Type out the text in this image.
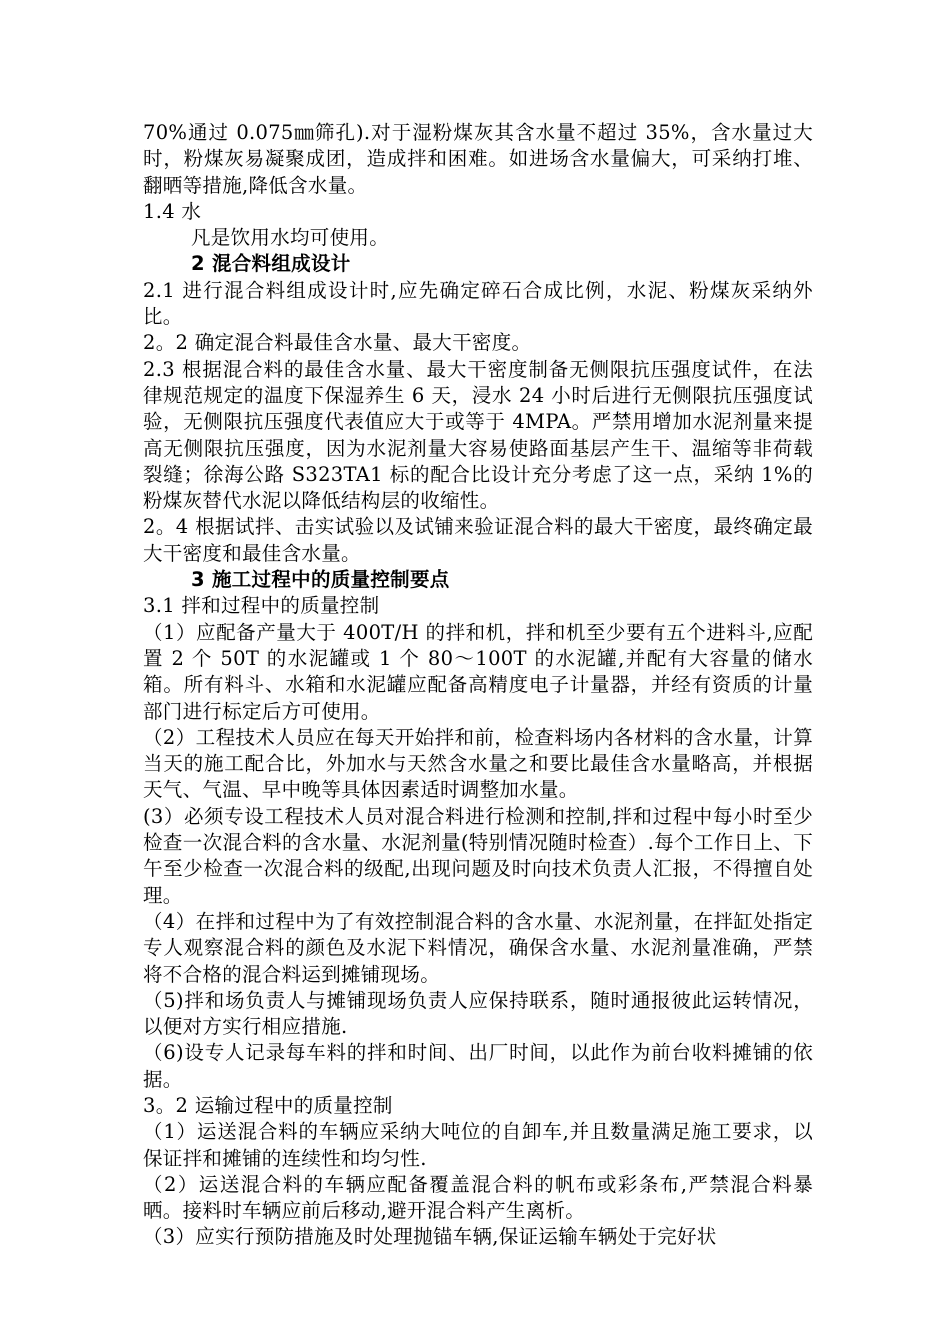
70%通过 0.075㎜筛孔).对于湿粉煤灰其含水量不超过 35%，含水量过大时，粉煤灰易凝聚成团，造成拌和困难。如进场含水量偏大，可采纳打堆、翻晒等措施,降低含水量。

1.4 水

凡是饮用水均可使用。

2 混合料组成设计

2.1 进行混合料组成设计时,应先确定碎石合成比例，水泥、粉煤灰采纳外比。

2。2 确定混合料最佳含水量、最大干密度。

2.3 根据混合料的最佳含水量、最大干密度制备无侧限抗压强度试件，在法律规范规定的温度下保湿养生 6 天，浸水 24 小时后进行无侧限抗压强度试验，无侧限抗压强度代表值应大于或等于 4MPA。严禁用增加水泥剂量来提高无侧限抗压强度，因为水泥剂量大容易使路面基层产生干、温缩等非荷载裂缝；徐海公路 S323TA1 标的配合比设计充分考虑了这一点，采纳 1%的粉煤灰替代水泥以降低结构层的收缩性。

2。4 根据试拌、击实试验以及试铺来验证混合料的最大干密度，最终确定最大干密度和最佳含水量。

3 施工过程中的质量控制要点

3.1 拌和过程中的质量控制

（1）应配备产量大于 400T/H 的拌和机，拌和机至少要有五个进料斗,应配置 2 个 50T 的水泥罐或 1 个 80～100T 的水泥罐,并配有大容量的储水箱。所有料斗、水箱和水泥罐应配备高精度电子计量器，并经有资质的计量部门进行标定后方可使用。

（2）工程技术人员应在每天开始拌和前，检查料场内各材料的含水量，计算当天的施工配合比，外加水与天然含水量之和要比最佳含水量略高，并根据天气、气温、早中晚等具体因素适时调整加水量。

(3）必须专设工程技术人员对混合料进行检测和控制,拌和过程中每小时至少检查一次混合料的含水量、水泥剂量(特别情况随时检查）.每个工作日上、下午至少检查一次混合料的级配,出现问题及时向技术负责人汇报，不得擅自处理。

（4）在拌和过程中为了有效控制混合料的含水量、水泥剂量，在拌缸处指定专人观察混合料的颜色及水泥下料情况，确保含水量、水泥剂量准确，严禁将不合格的混合料运到摊铺现场。

（5)拌和场负责人与摊铺现场负责人应保持联系，随时通报彼此运转情况，以便对方实行相应措施.

（6)设专人记录每车料的拌和时间、出厂时间，以此作为前台收料摊铺的依据。

3。2 运输过程中的质量控制

（1）运送混合料的车辆应采纳大吨位的自卸车,并且数量满足施工要求，以保证拌和摊铺的连续性和均匀性.

（2）运送混合料的车辆应配备覆盖混合料的帆布或彩条布,严禁混合料暴晒。接料时车辆应前后移动,避开混合料产生离析。

（3）应实行预防措施及时处理抛锚车辆,保证运输车辆处于完好状
